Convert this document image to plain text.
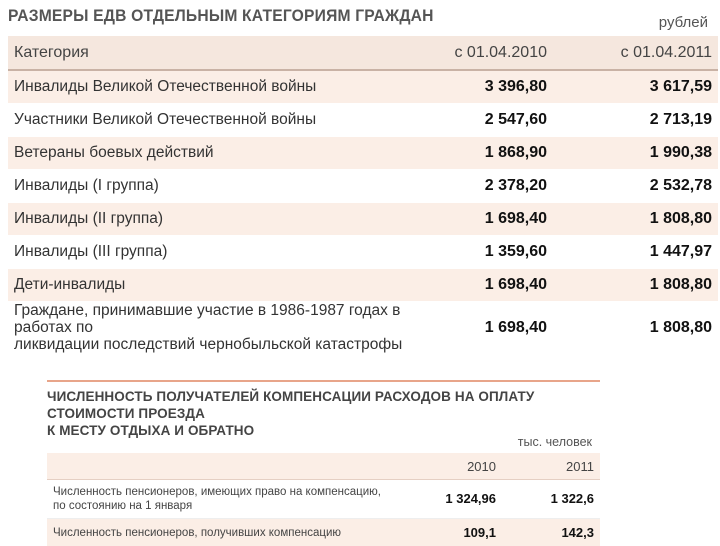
РАЗМЕРЫ ЕДВ ОТДЕЛЬНЫМ КАТЕГОРИЯМ ГРАЖДАН	рублей
Категория	с 01.04.2010	с 01.04.2011
Инвалиды Великой Отечественной войны	3 396,80	3 617,59
Участники Великой Отечественной войны	2 547,60	2 713,19
Ветераны боевых действий	1 868,90	1 990,38
Инвалиды (I группа)	2 378,20	2 532,78
Инвалиды (II группа)	1 698,40	1 808,80
Инвалиды (III группа)	1 359,60	1 447,97
Дети-инвалиды	1 698,40	1 808,80

Граждане, принимавшие участие в 1986-1987 годах в работах по
ликвидации последствий чернобыльской катастрофы	1 698,40	1 808,80
ЧИСЛЕННОСТЬ ПОЛУЧАТЕЛЕЙ КОМПЕНСАЦИИ РАСХОДОВ НА ОПЛАТУ СТОИМОСТИ ПРОЕЗДА
К МЕСТУ ОТДЫХА И ОБРАТНО
тыс. человек
	2010	2011

Численность пенсионеров, имеющих право на компенсацию,
по состоянию на 1 января	1 324,96	1 322,6
Численность пенсионеров, получивших компенсацию	109,1	142,3
